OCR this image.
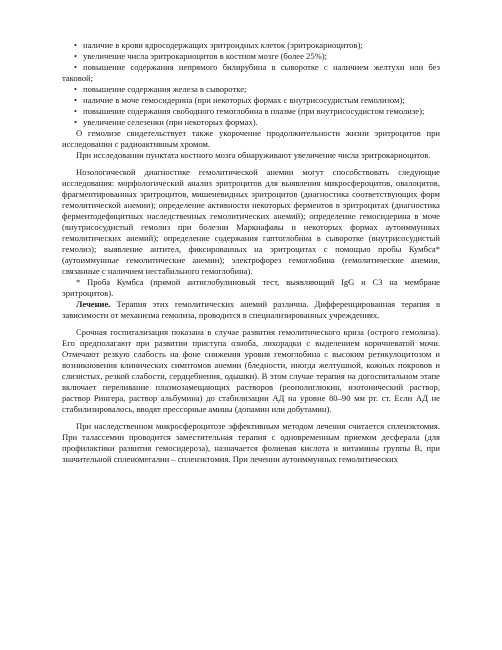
• наличие в крови ядросодержащих эритроидных клеток (эритрокариоцитов);

• увеличение числа эритрокариоцитов в костном мозге (более 25%);

• повышение содержания непрямого билирубина в сыворотке с наличием желтухи или без таковой;

• повышение содержания железа в сыворотке;

• наличие в моче гемосидерина (при некоторых формах с внутрисосудистым гемолизом);

• повышение содержания свободного гемоглобина в плазме (при внутрисосудистом гемолизе);

• увеличение селезенки (при некоторых формах).

О гемолизе свидетельствует также укорочение продолжительности жизни эритроцитов при исследовании с радиоактивным хромом.

При исследовании пунктата костного мозга обнаруживают увеличение числа эритрокариоцитов.

Нозологической диагностике гемолитической анемии могут способствовать следующие исследования: морфологический анализ эритроцитов для выявления микросфероцитов, овалоцитов, фрагментированных эритроцитов, мишеневидных эритроцитов (диагностика соответствующих форм гемолитической анемии); определение активности некоторых ферментов в эритроцитах (диагностика ферментодефицитных наследственных гемолитических анемий); определение гемосидерина в моче (внутрисосудистый гемолиз при болезни Маркиафавы и некоторых формах аутоиммунных гемолитических анемий); определение содержания гаптоглобина в сыворотке (внутрисосудистый гемолиз); выявление антител, фиксированных на эритроцитах с помощью пробы Кумбса* (аутоиммунные гемолитические анемии); электрофорез гемоглобина (гемолитические анемии, связанные с наличием нестабильного гемоглобина).

* Проба Кумбса (прямой антиглобулиновый тест, выявляющий IgG и С3 на мембране эритроцитов).

Лечение. Терапия этих гемолитических анемий различна. Дифференцированная терапия в зависимости от механизма гемолиза, проводится в специализированных учреждениях.

Срочная госпитализация показана в случае развития гемолитического криза (острого гемолиза). Его предполагают при развитии приступа озноба, лихорадки с выделением коричневатой мочи. Отмечают резкую слабость на фоне снижения уровня гемоглобина с высоким ретикулоцитозом и возникновения клинических симптомов анемии (бледности, иногда желтушной, кожных покровов и слизистых, резкой слабости, сердцебиения, одышки). В этом случае терапия на догоспитальном этапе включает переливание плазмозамещающих растворов (реополиглюкин, изотонический раствор, раствор Рингера, раствор альбумина) до стабилизации АД на уровне 80–90 мм рт. ст. Если АД не стабилизировалось, вводят прессорные амины (допамин или добутамин).

При наследственном микросфероцитозе эффективным методом лечения считается спленэктомия. При талассемии проводится заместительная терапия с одновременным приемом десферала (для профилактики развития гемосидероза), назначается фолиевая кислота и витамины группы В, при значительной спленомегалии – спленэктомия. При лечении аутоиммунных гемолитических
